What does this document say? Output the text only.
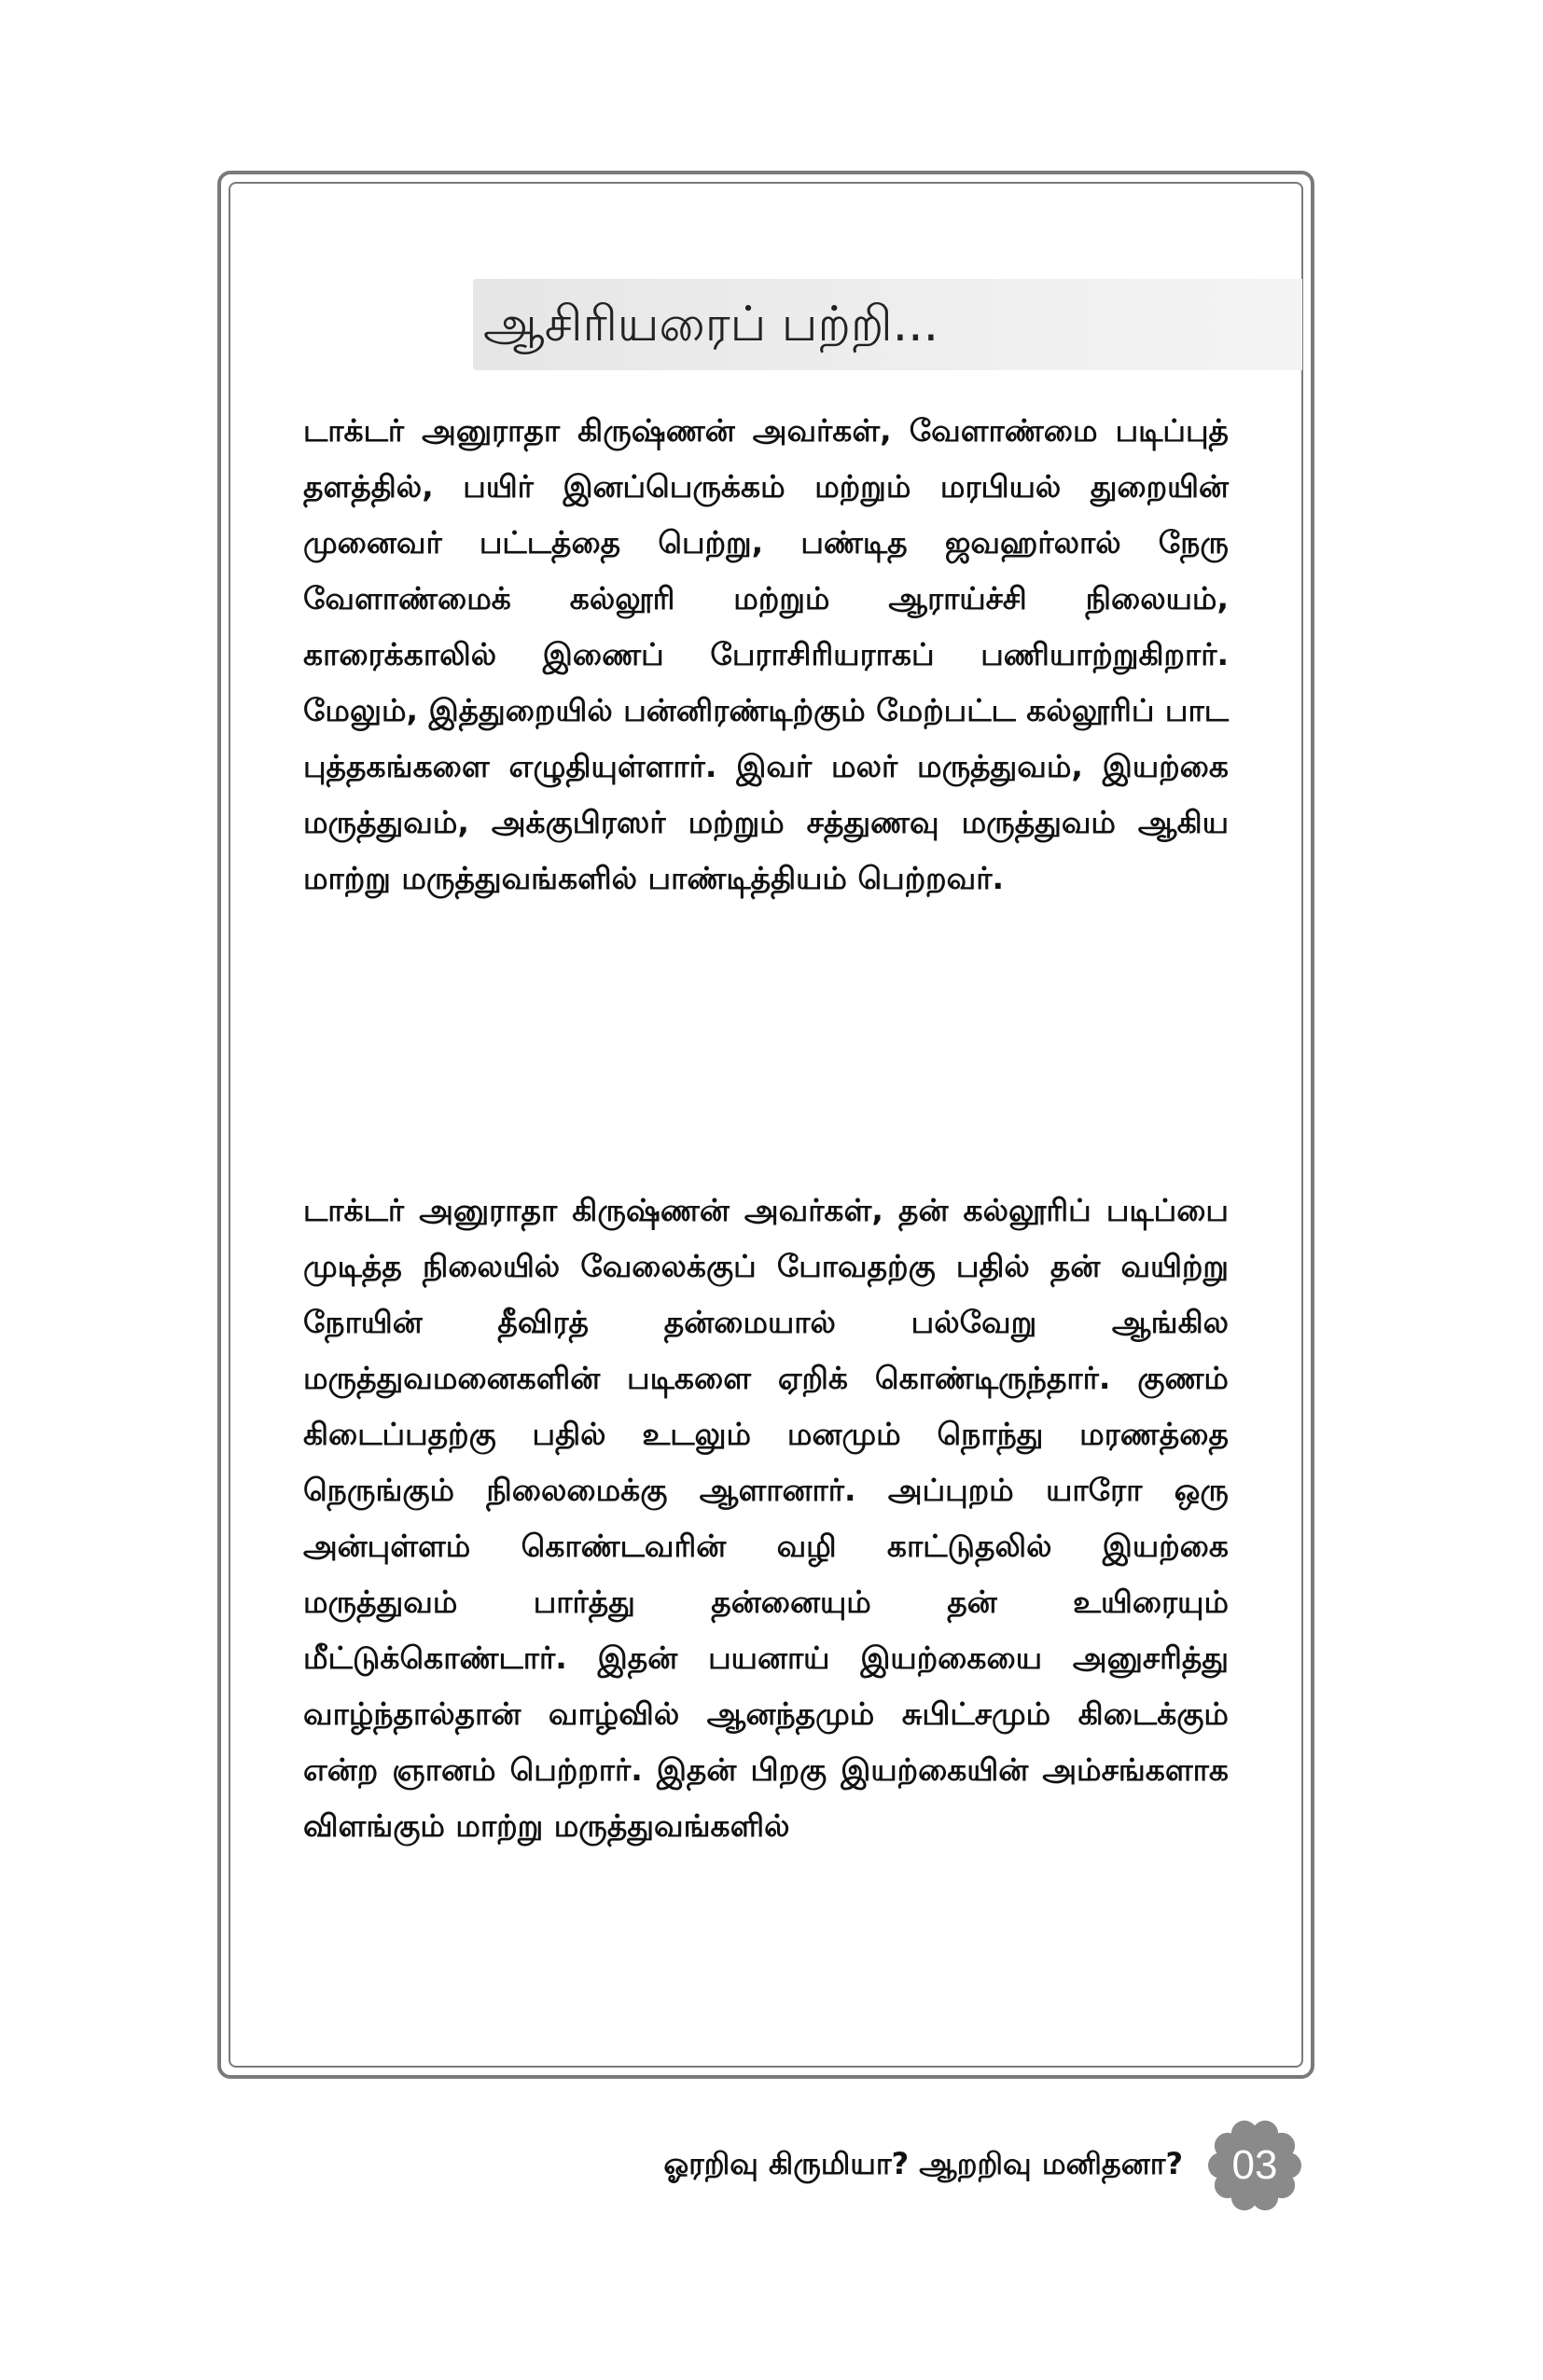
ஆசிரியரைப் பற்றி...

டாக்டர் அனுராதா கிருஷ்ணன் அவர்கள், வேளாண்மை படிப்புத் தளத்தில், பயிர் இனப்பெருக்கம் மற்றும் மரபியல் துறையின் முனைவர் பட்டத்தை பெற்று, பண்டித ஜவஹர்லால் நேரு வேளாண்மைக் கல்லூரி மற்றும் ஆராய்ச்சி நிலையம், காரைக்காலில் இணைப் பேராசிரியராகப் பணியாற்றுகிறார். மேலும், இத்துறையில் பன்னிரண்டிற்கும் மேற்பட்ட கல்லூரிப் பாட புத்தகங்களை எழுதியுள்ளார். இவர் மலர் மருத்துவம், இயற்கை மருத்துவம், அக்குபிரஸர் மற்றும் சத்துணவு மருத்துவம் ஆகிய மாற்று மருத்துவங்களில் பாண்டித்தியம் பெற்றவர்.

டாக்டர் அனுராதா கிருஷ்ணன் அவர்கள், தன் கல்லூரிப் படிப்பை முடித்த நிலையில் வேலைக்குப் போவதற்கு பதில் தன் வயிற்று நோயின் தீவிரத் தன்மையால் பல்வேறு ஆங்கில மருத்துவமனைகளின் படிகளை ஏறிக் கொண்டிருந்தார். குணம் கிடைப்பதற்கு பதில் உடலும் மனமும் நொந்து மரணத்தை நெருங்கும் நிலைமைக்கு ஆளானார். அப்புறம் யாரோ ஒரு அன்புள்ளம் கொண்டவரின் வழி காட்டுதலில் இயற்கை மருத்துவம் பார்த்து தன்னையும் தன் உயிரையும் மீட்டுக்கொண்டார். இதன் பயனாய் இயற்கையை அனுசரித்து வாழ்ந்தால்தான் வாழ்வில் ஆனந்தமும் சுபிட்சமும் கிடைக்கும் என்ற ஞானம் பெற்றார். இதன் பிறகு இயற்கையின் அம்சங்களாக விளங்கும் மாற்று மருத்துவங்களில்

ஓரறிவு கிருமியா? ஆறறிவு மனிதனா?	03
